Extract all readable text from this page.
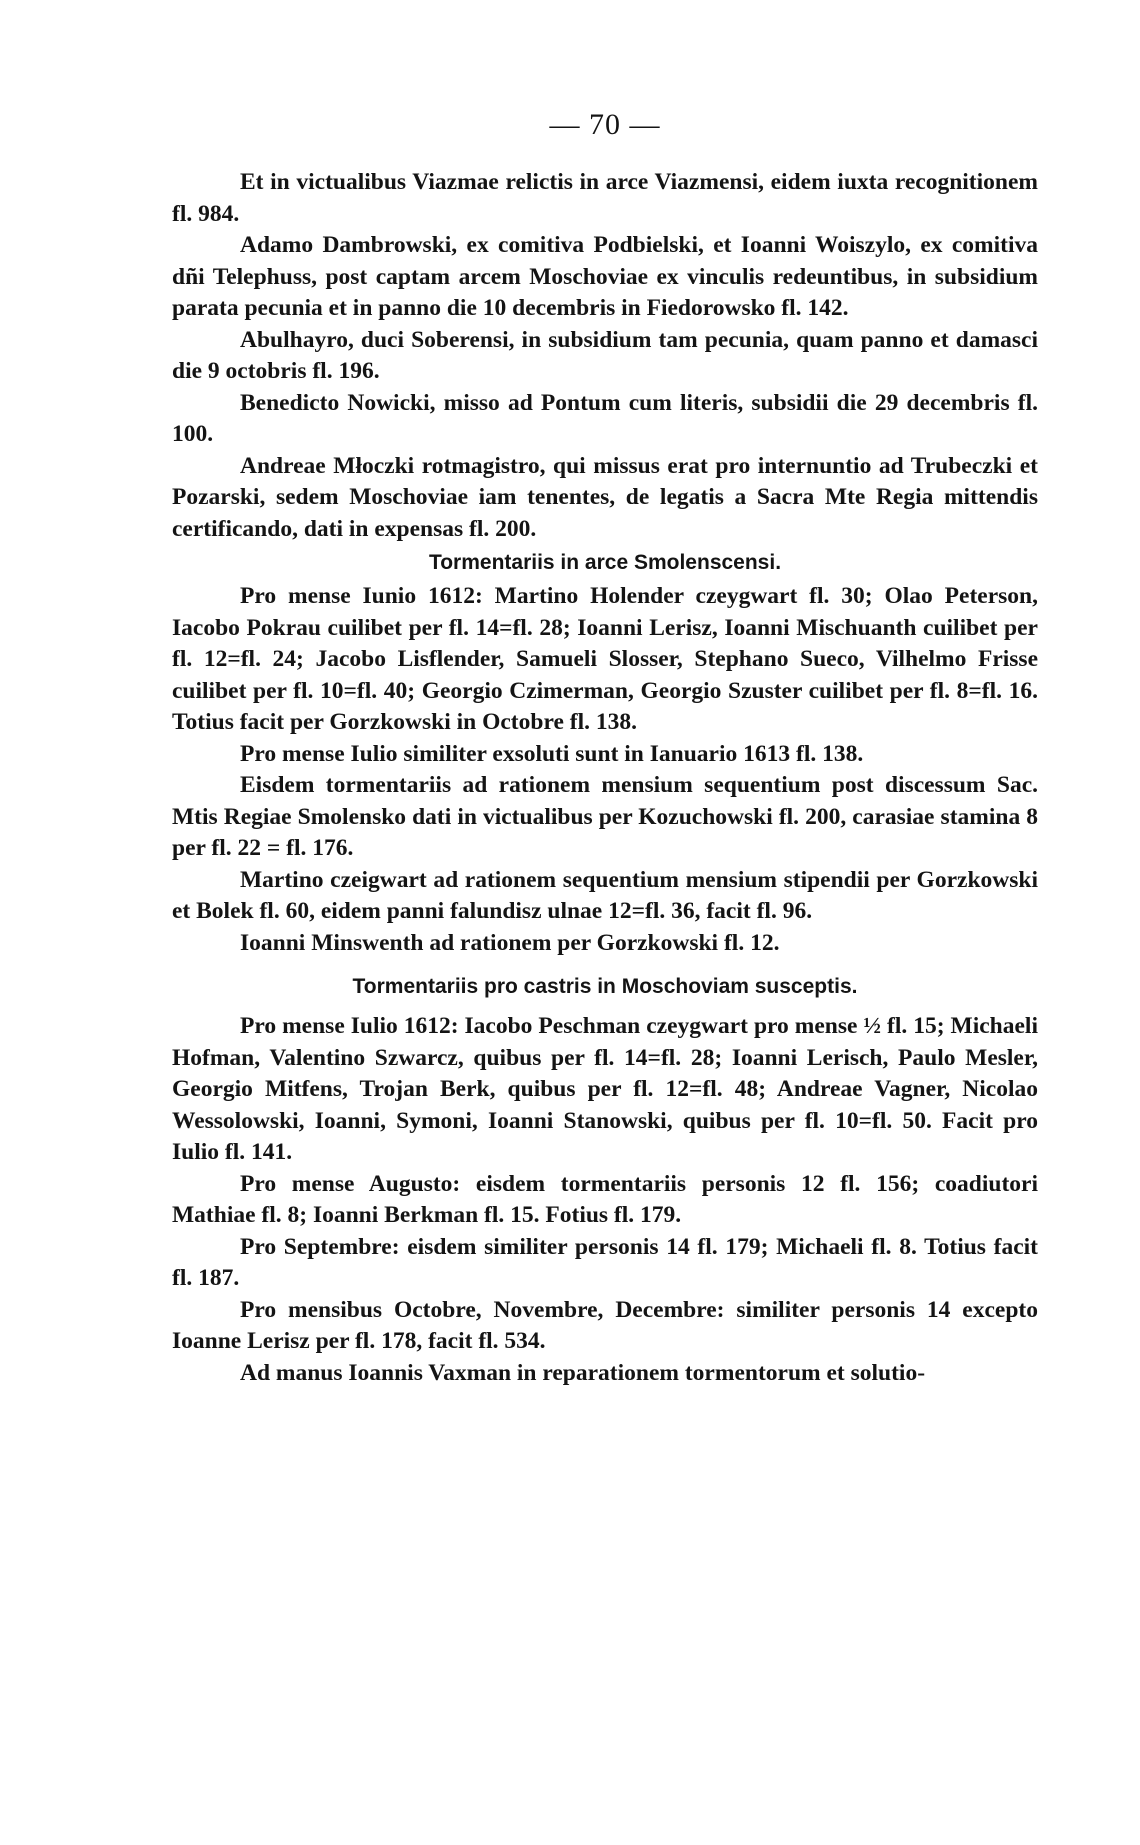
— 70 —

Et in victualibus Viazmae relictis in arce Viazmensi, eidem iuxta recognitionem fl. 984.

Adamo Dambrowski, ex comitiva Podbielski, et Ioanni Woiszylo, ex comitiva dñi Telephuss, post captam arcem Moschoviae ex vinculis redeuntibus, in subsidium parata pecunia et in panno die 10 decembris in Fiedorowsko fl. 142.

Abulhayro, duci Soberensi, in subsidium tam pecunia, quam panno et damasci die 9 octobris fl. 196.

Benedicto Nowicki, misso ad Pontum cum literis, subsidii die 29 decembris fl. 100.

Andreae Młoczki rotmagistro, qui missus erat pro internuntio ad Trubeczki et Pozarski, sedem Moschoviae iam tenentes, de legatis a Sacra Mte Regia mittendis certificando, dati in expensas fl. 200.

Tormentariis in arce Smolenscensi.

Pro mense Iunio 1612: Martino Holender czeygwart fl. 30; Olao Peterson, Iacobo Pokrau cuilibet per fl. 14=fl. 28; Ioanni Lerisz, Ioanni Mischuanth cuilibet per fl. 12=fl. 24; Jacobo Lisflender, Samueli Slosser, Stephano Sueco, Vilhelmo Frisse cuilibet per fl. 10=fl. 40; Georgio Czimerman, Georgio Szuster cuilibet per fl. 8=fl. 16. Totius facit per Gorzkowski in Octobre fl. 138.

Pro mense Iulio similiter exsoluti sunt in Ianuario 1613 fl. 138.

Eisdem tormentariis ad rationem mensium sequentium post discessum Sac. Mtis Regiae Smolensko dati in victualibus per Kozuchowski fl. 200, carasiae stamina 8 per fl. 22 = fl. 176.

Martino czeigwart ad rationem sequentium mensium stipendii per Gorzkowski et Bolek fl. 60, eidem panni falundisz ulnae 12=fl. 36, facit fl. 96.

Ioanni Minswenth ad rationem per Gorzkowski fl. 12.

Tormentariis pro castris in Moschoviam susceptis.

Pro mense Iulio 1612: Iacobo Peschman czeygwart pro mense ½ fl. 15; Michaeli Hofman, Valentino Szwarcz, quibus per fl. 14=fl. 28; Ioanni Lerisch, Paulo Mesler, Georgio Mitfens, Trojan Berk, quibus per fl. 12=fl. 48; Andreae Vagner, Nicolao Wessolowski, Ioanni, Symoni, Ioanni Stanowski, quibus per fl. 10=fl. 50. Facit pro Iulio fl. 141.

Pro mense Augusto: eisdem tormentariis personis 12 fl. 156; coadiutori Mathiae fl. 8; Ioanni Berkman fl. 15. Fotius fl. 179.

Pro Septembre: eisdem similiter personis 14 fl. 179; Michaeli fl. 8. Totius facit fl. 187.

Pro mensibus Octobre, Novembre, Decembre: similiter personis 14 excepto Ioanne Lerisz per fl. 178, facit fl. 534.

Ad manus Ioannis Vaxman in reparationem tormentorum et solutio-
